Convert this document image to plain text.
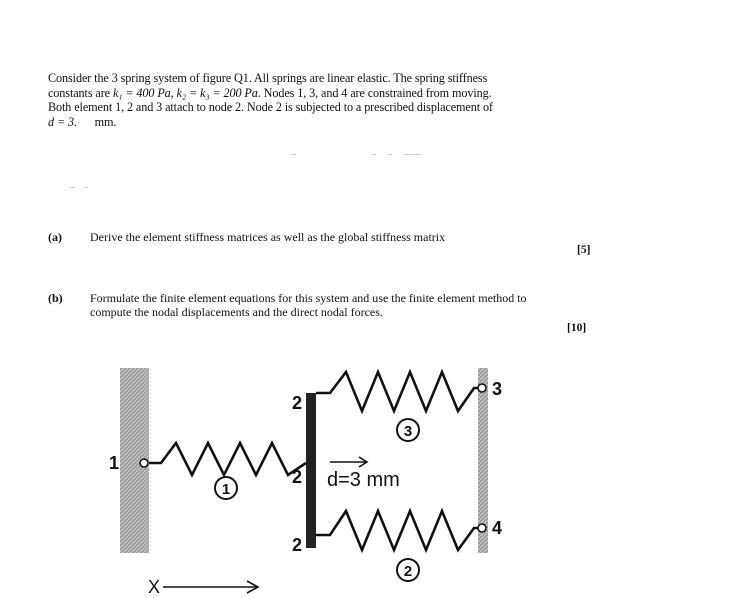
Consider the 3 spring system of figure Q1. All springs are linear elastic. The spring stiffness
constants are k₁ = 400 Pa, k₂ = k₃ = 200 Pa. Nodes 1, 3, and 4 are constrained from moving.
Both element 1, 2 and 3 attach to node 2. Node 2 is subjected to a prescribed displacement of
d = 3. mm.
(a) Derive the element stiffness matrices as well as the global stiffness matrix
[5]
(b) Formulate the finite element equations for this system and use the finite element method to
compute the nodal displacements and the direct nodal forces.
[10]
1
2
2
2
3
4
1
3
2
d=3 mm
X
